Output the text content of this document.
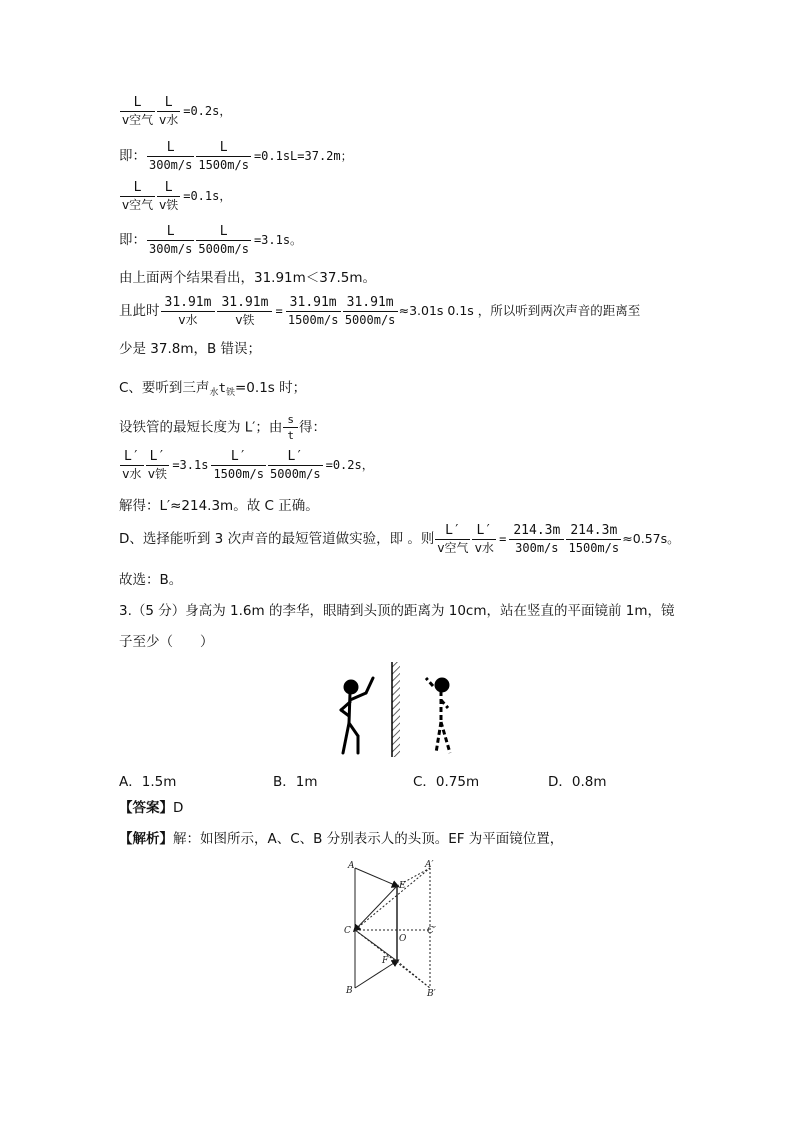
$\frac{L}{\text{v空气}} \frac{L}{\text{v水}} =0.2s$，
即： $\frac{L}{300m/s} \frac{L}{1500m/s} =0.1sL=37.2m$；
$\frac{L}{\text{v空气}} \frac{L}{\text{v铁}} =0.1s$，
即： $\frac{L}{300m/s} \frac{L}{5000m/s} =3.1s$。
由上面两个结果看出，31.91m＜37.5m。
且此时 $\frac{31.91m}{\text{v水}} \frac{31.91m}{\text{v铁}} = \frac{31.91m}{1500m/s} \frac{31.91m}{5000m/s} \approx 3.01s$ 0.1s ，所以听到两次声音的距离至
少是 37.8m，B 错误；
C、要听到三声$_水t_铁=0.1s$ 时；
设铁管的最短长度为 L′；由 $\frac{s}{t}$ 得：
$\frac{L'}{\text{v水}} \frac{L'}{\text{v铁}} =3.1s \frac{L'}{1500m/s} \frac{L'}{5000m/s} =0.2s$，
解得：L′≈214.3m。故 C 正确。
D、选择能听到 3 次声音的最短管道做实验，即 。则 $\frac{L'}{\text{v空气}} \frac{L'}{\text{v水}} = \frac{214.3m}{300m/s} \frac{214.3m}{1500m/s} \approx 0.57s$。
故选：B。
3.（5 分）身高为 1.6m 的李华，眼睛到头顶的距离为 10cm，站在竖直的平面镜前 1m，镜
子至少（　　）
A．1.5m	B．1m	C．0.75m	D．0.8m
【答案】D
【解析】解：如图所示，A、C、B 分别表示人的头顶。EF 为平面镜位置，
A
E
A′
C
O
C′
F
B	B′
